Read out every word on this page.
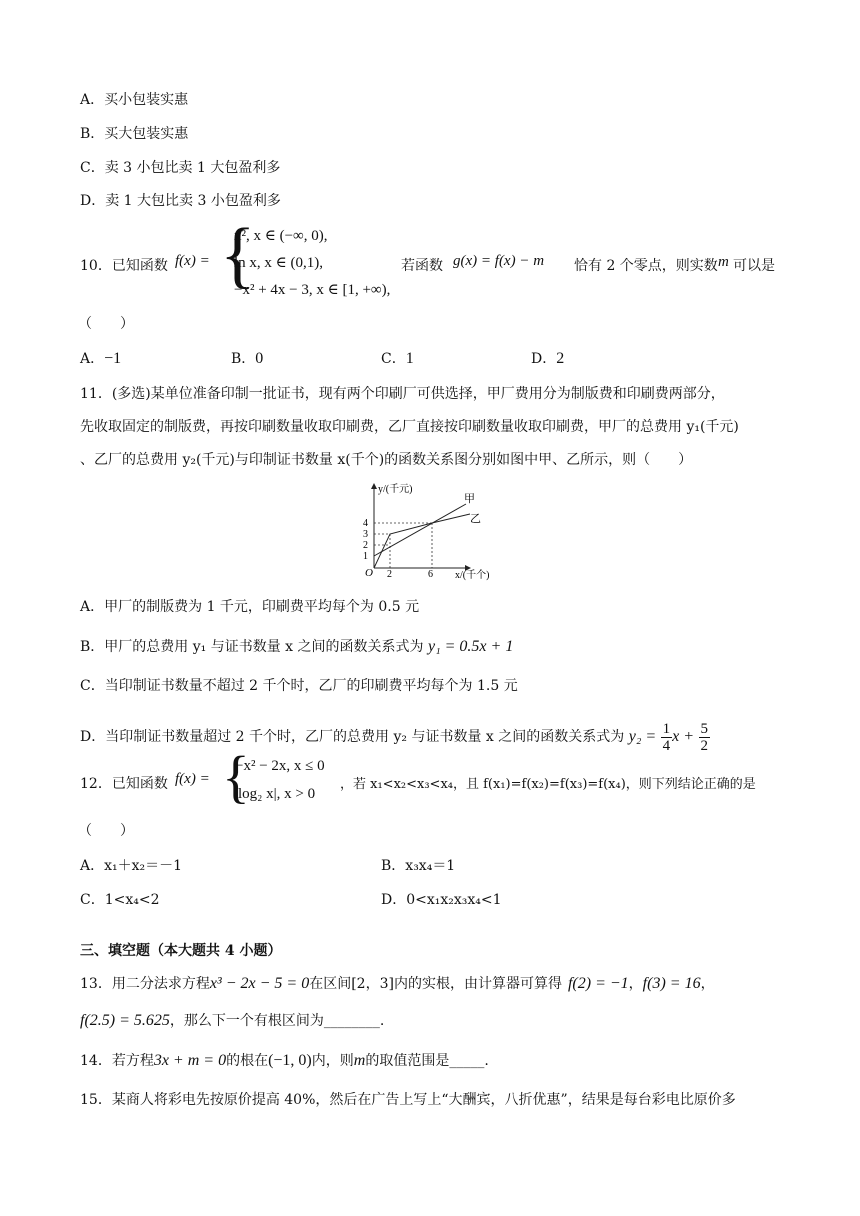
A．买小包装实惠
B．买大包装实惠
C．卖 3 小包比卖 1 大包盈利多
D．卖 1 大包比卖 3 小包盈利多
10．已知函数 f(x) = {
x², x ∈ (−∞, 0),
ln x, x ∈ (0,1),
−x² + 4x − 3, x ∈ [1, +∞),
若函数 g(x) = f(x) − m 恰有 2 个零点，则实数 m 可以是
（　　）
A．−1	B．0	C．1	D．2
11．(多选)某单位准备印制一批证书，现有两个印刷厂可供选择，甲厂费用分为制版费和印刷费两部分，
先收取固定的制版费，再按印刷数量收取印刷费，乙厂直接按印刷数量收取印刷费，甲厂的总费用 y₁(千元)
、乙厂的总费用 y₂(千元)与印制证书数量 x(千个)的函数关系图分别如图中甲、乙所示，则（　　）
y/(千元)
x/(千个)
O
1
2
3
4
2	6
甲
乙
A．甲厂的制版费为 1 千元，印刷费平均每个为 0.5 元
B．甲厂的总费用 y₁ 与证书数量 x 之间的函数关系式为 y₁ = 0.5x + 1
C．当印制证书数量不超过 2 千个时，乙厂的印刷费平均每个为 1.5 元
D．当印制证书数量超过 2 千个时，乙厂的总费用 y₂ 与证书数量 x 之间的函数关系式为 $y_2 = \frac{1}{4}$ $x + \frac{5}{2}$
12．已知函数 f(x) = {
−x² − 2x, x ≤ 0
|log₂ x|, x > 0
，若 x₁<x₂<x₃<x₄，且 f(x₁)=f(x₂)=f(x₃)=f(x₄)，则下列结论正确的是
（　　）
A．x₁＋x₂＝－1	B．x₃x₄＝1
C．1<x₄<2	D．0<x₁x₂x₃x₄<1
三、填空题（本大题共 4 小题）
13．用二分法求方程x³ − 2x − 5 = 0在区间[2，3]内的实根，由计算器可算得 f(2) = −1，f(3) = 16，
f(2.5) = 5.625，那么下一个有根区间为________.
14．若方程3x + m = 0的根在(−1, 0)内，则m的取值范围是_____.
15．某商人将彩电先按原价提高 40%，然后在广告上写上“大酬宾，八折优惠”，结果是每台彩电比原价多
